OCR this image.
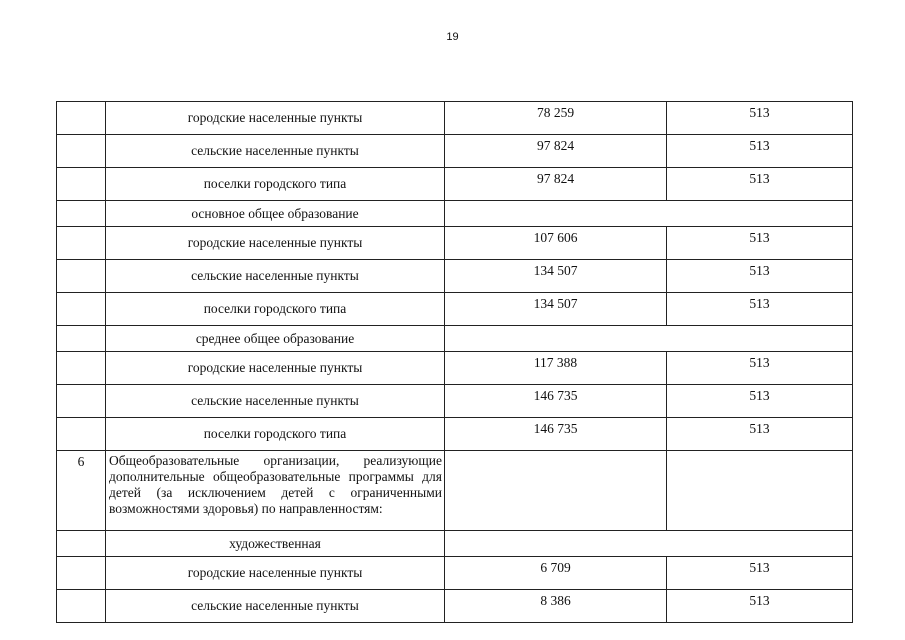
19
	городские населенные пункты	78 259	513
	сельские населенные пункты	97 824	513
	поселки городского типа	97 824	513
	основное общее образование		
	городские населенные пункты	107 606	513
	сельские населенные пункты	134 507	513
	поселки городского типа	134 507	513
	среднее общее образование		
	городские населенные пункты	117 388	513
	сельские населенные пункты	146 735	513
	поселки городского типа	146 735	513
6	Общеобразовательные организации, реализующие дополнительные общеобразовательные программы для детей (за исключением детей с ограниченными возможностями здоровья) по направленностям:		
	художественная		
	городские населенные пункты	6 709	513
	сельские населенные пункты	8 386	513
